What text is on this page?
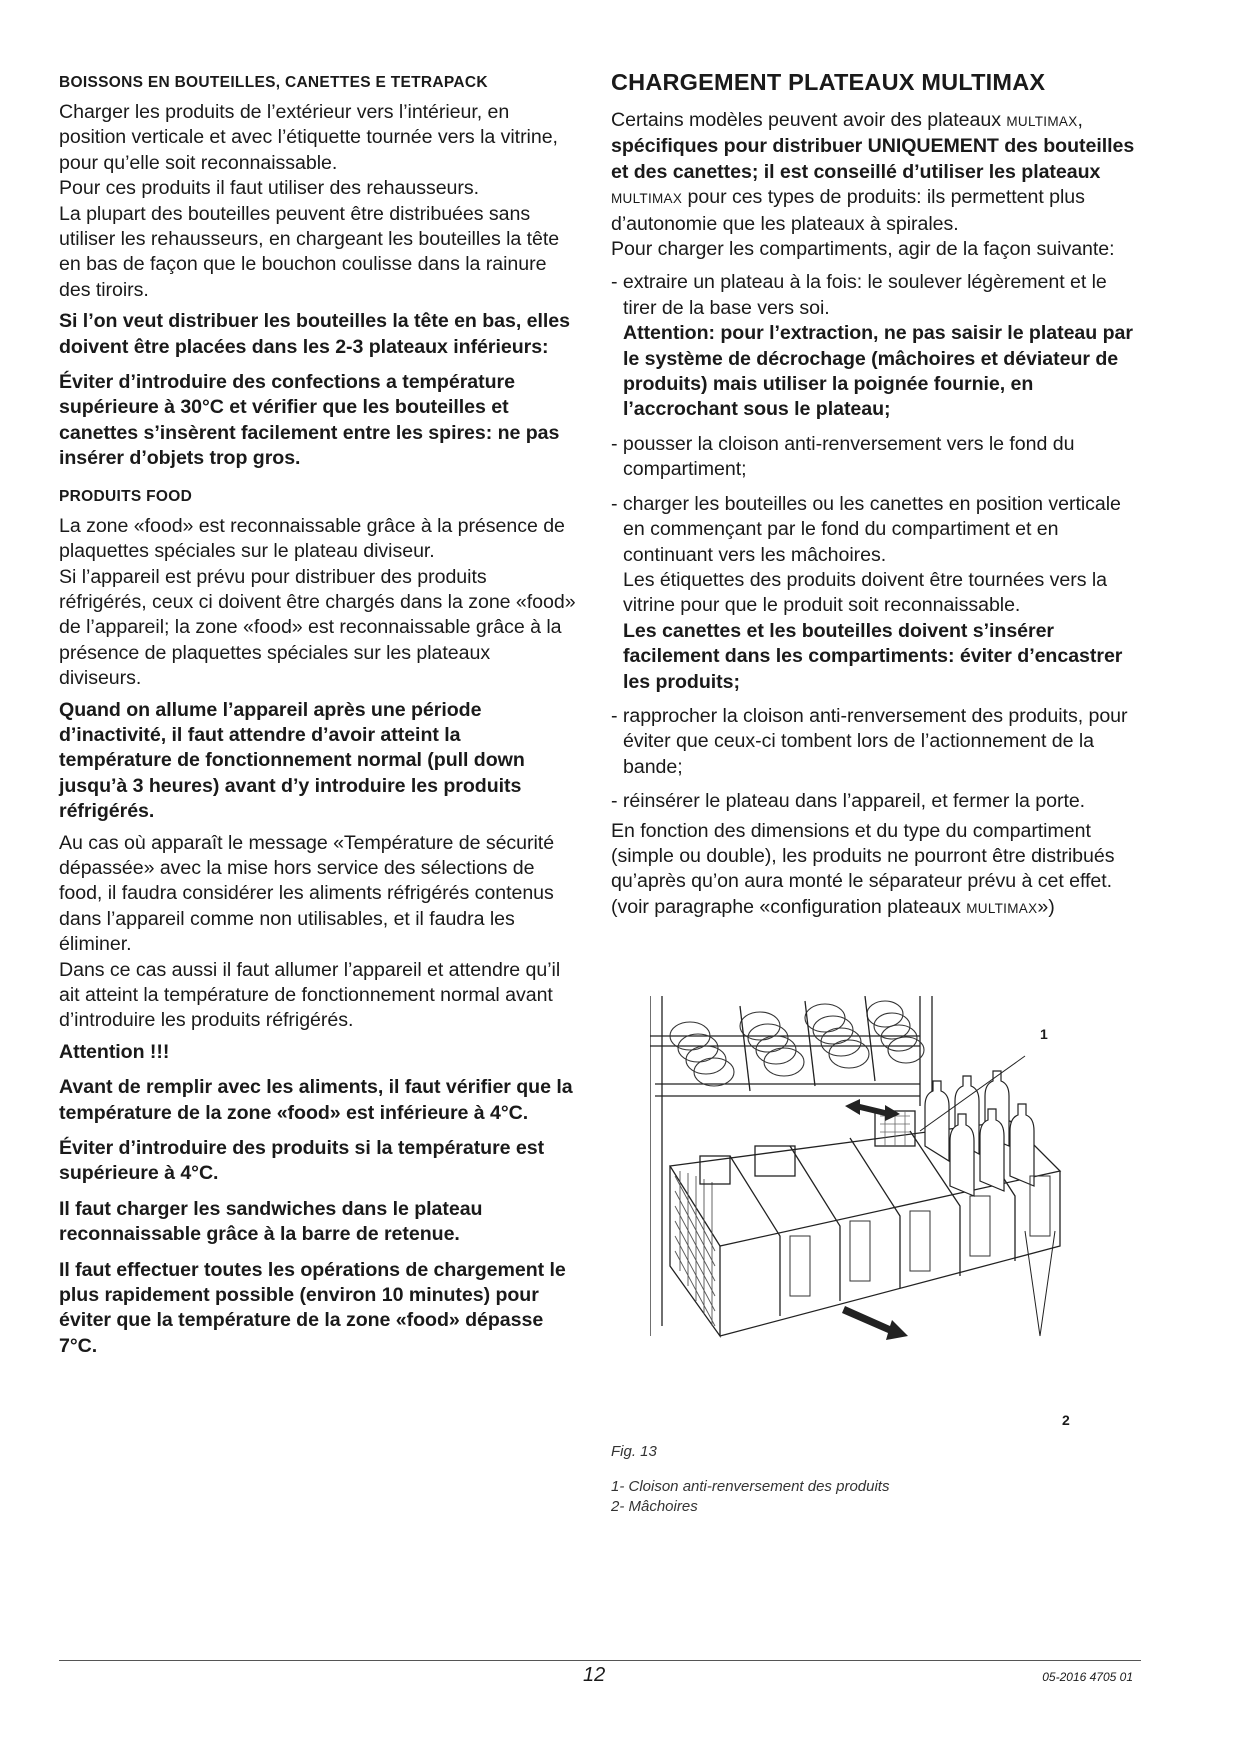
BOISSONS EN BOUTEILLES, CANETTES E TETRAPACK

Charger les produits de l’extérieur vers l’intérieur, en position verticale et avec l’étiquette tournée vers la vitrine, pour qu’elle soit reconnaissable.

Pour ces produits il faut utiliser des rehausseurs.

La plupart des bouteilles peuvent être distribuées sans utiliser les rehausseurs, en chargeant les bouteilles la tête en bas de façon que le bouchon coulisse dans la rainure des tiroirs.

Si l’on veut distribuer les bouteilles la tête en bas, elles doivent être placées dans les 2-3 plateaux inférieurs:

Éviter d’introduire des confections a température supérieure à 30°C et vérifier que les bouteilles et canettes s’insèrent facilement entre les spires: ne pas insérer d’objets trop gros.

PRODUITS FOOD

La zone «food» est reconnaissable grâce à la présence de plaquettes spéciales sur le plateau diviseur.

Si l’appareil est prévu pour distribuer des produits réfrigérés, ceux ci doivent être chargés dans la zone «food» de l’appareil; la zone «food» est reconnaissable grâce à la présence de plaquettes spéciales sur les plateaux diviseurs.

Quand on allume l’appareil après une période d’inactivité, il faut attendre d’avoir atteint la température de fonctionnement normal (pull down jusqu’à 3 heures) avant d’y introduire les produits réfrigérés.

Au cas où apparaît le message «Température de sécurité dépassée» avec la mise hors service des sélections de food, il faudra considérer les aliments réfrigérés contenus dans l’appareil comme non utilisables, et il faudra les éliminer.

Dans ce cas aussi il faut allumer l’appareil et attendre qu’il ait atteint la température de fonctionnement normal avant d’introduire les produits réfrigérés.

Attention !!!

Avant de remplir avec les aliments, il faut vérifier que la température de la zone «food» est inférieure à 4°C.

Éviter d’introduire des produits si la température est supérieure à 4°C.

Il faut charger les sandwiches dans le plateau reconnaissable grâce à la barre de retenue.

Il faut effectuer toutes les opérations de chargement le plus rapidement possible (environ 10 minutes) pour éviter que la température de la zone «food» dépasse 7°C.

CHARGEMENT PLATEAUX MULTIMAX

Certains modèles peuvent avoir des plateaux MULTIMAX, spécifiques pour distribuer UNIQUEMENT des bouteilles et des canettes; il est conseillé d’utiliser les plateaux MULTIMAX pour ces types de produits: ils permettent plus d’autonomie que les plateaux à spirales.

Pour charger les compartiments, agir de la façon suivante:

- extraire un plateau à la fois: le soulever légèrement et le tirer de la base vers soi.
Attention: pour l’extraction, ne pas saisir le plateau par le système de décrochage (mâchoires et déviateur de produits) mais utiliser la poignée fournie, en l’accrochant sous le plateau;
- pousser la cloison anti-renversement vers le fond du compartiment;
- charger les bouteilles ou les canettes en position verticale en commençant par le fond du compartiment et en continuant vers les mâchoires.
Les étiquettes des produits doivent être tournées vers la vitrine pour que le produit soit reconnaissable.
Les canettes et les bouteilles doivent s’insérer facilement dans les compartiments: éviter d’encastrer les produits;
- rapprocher la cloison anti-renversement des produits, pour éviter que ceux-ci tombent lors de l’actionnement de la bande;
- réinsérer le plateau dans l’appareil, et fermer la porte.

En fonction des dimensions et du type du compartiment (simple ou double), les produits ne pourront être distribués qu’après qu’on aura monté le séparateur prévu à cet effet. (voir paragraphe «configuration plateaux MULTIMAX»)

1
2
Fig. 13
1- Cloison anti-renversement des produits
2- Mâchoires
12	05-2016 4705 01
